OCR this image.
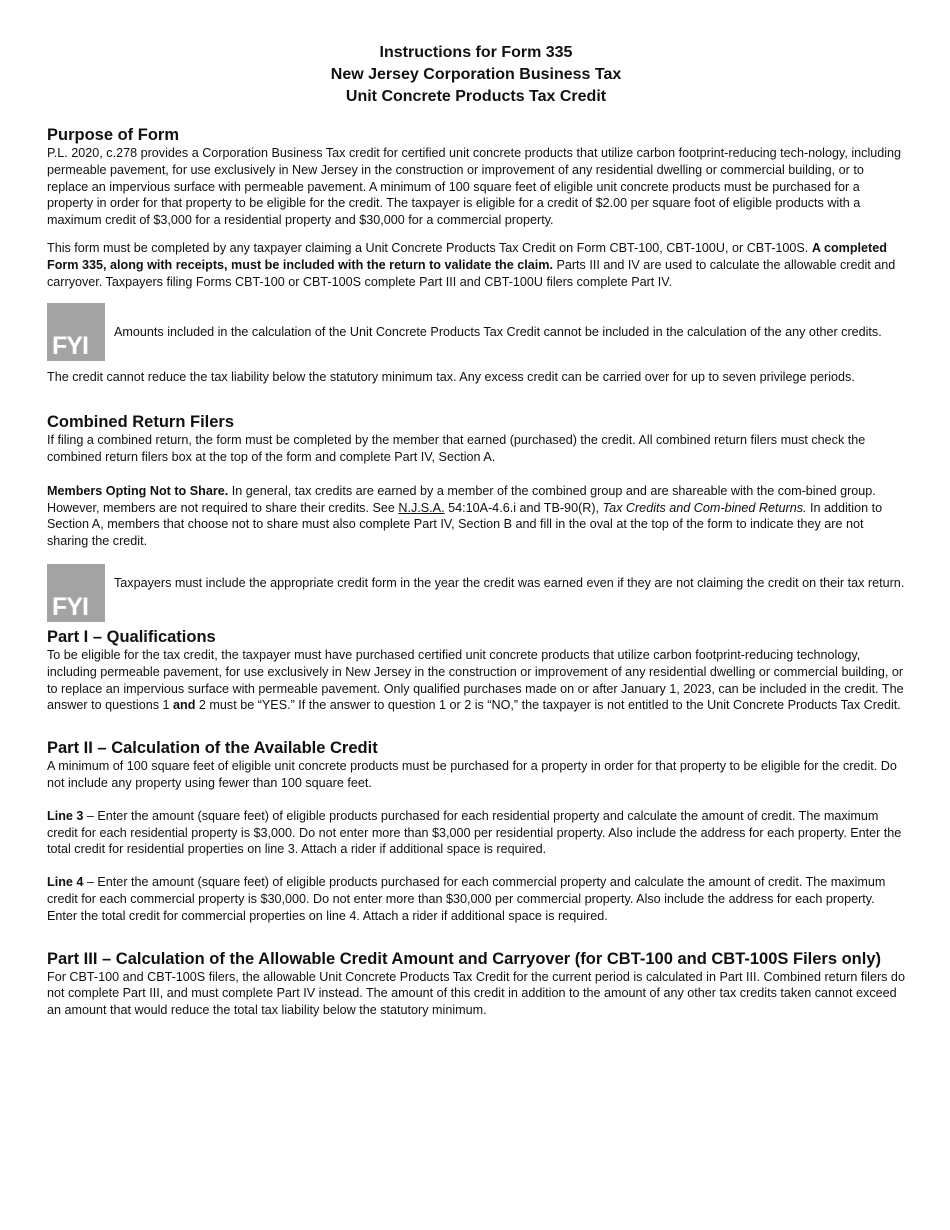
Instructions for Form 335
New Jersey Corporation Business Tax
Unit Concrete Products Tax Credit
Purpose of Form

P.L. 2020, c.278 provides a Corporation Business Tax credit for certified unit concrete products that utilize carbon footprint-reducing tech-nology, including permeable pavement, for use exclusively in New Jersey in the construction or improvement of any residential dwelling or commercial building, or to replace an impervious surface with permeable pavement. A minimum of 100 square feet of eligible unit concrete products must be purchased for a property in order for that property to be eligible for the credit. The taxpayer is eligible for a credit of $2.00 per square foot of eligible products with a maximum credit of $3,000 for a residential property and $30,000 for a commercial property.

This form must be completed by any taxpayer claiming a Unit Concrete Products Tax Credit on Form CBT-100, CBT-100U, or CBT-100S. A completed Form 335, along with receipts, must be included with the return to validate the claim. Parts III and IV are used to calculate the allowable credit and carryover. Taxpayers filing Forms CBT-100 or CBT-100S complete Part III and CBT-100U filers complete Part IV.

FYI
Amounts included in the calculation of the Unit Concrete Products Tax Credit cannot be included in the calculation of the any other credits.

The credit cannot reduce the tax liability below the statutory minimum tax. Any excess credit can be carried over for up to seven privilege periods.

Combined Return Filers

If filing a combined return, the form must be completed by the member that earned (purchased) the credit. All combined return filers must check the combined return filers box at the top of the form and complete Part IV, Section A.

Members Opting Not to Share. In general, tax credits are earned by a member of the combined group and are shareable with the com-bined group. However, members are not required to share their credits. See N.J.S.A. 54:10A-4.6.i and TB-90(R), Tax Credits and Com-bined Returns. In addition to Section A, members that choose not to share must also complete Part IV, Section B and fill in the oval at the top of the form to indicate they are not sharing the credit.

FYI
Taxpayers must include the appropriate credit form in the year the credit was earned even if they are not claiming the credit on their tax return.
Part I – Qualifications

To be eligible for the tax credit, the taxpayer must have purchased certified unit concrete products that utilize carbon footprint-reducing technology, including permeable pavement, for use exclusively in New Jersey in the construction or improvement of any residential dwelling or commercial building, or to replace an impervious surface with permeable pavement. Only qualified purchases made on or after January 1, 2023, can be included in the credit. The answer to questions 1 and 2 must be “YES.” If the answer to question 1 or 2 is “NO,” the taxpayer is not entitled to the Unit Concrete Products Tax Credit.

Part II – Calculation of the Available Credit

A minimum of 100 square feet of eligible unit concrete products must be purchased for a property in order for that property to be eligible for the credit. Do not include any property using fewer than 100 square feet.

Line 3 – Enter the amount (square feet) of eligible products purchased for each residential property and calculate the amount of credit. The maximum credit for each residential property is $3,000. Do not enter more than $3,000 per residential property. Also include the address for each property. Enter the total credit for residential properties on line 3. Attach a rider if additional space is required.

Line 4 – Enter the amount (square feet) of eligible products purchased for each commercial property and calculate the amount of credit. The maximum credit for each commercial property is $30,000. Do not enter more than $30,000 per commercial property. Also include the address for each property. Enter the total credit for commercial properties on line 4. Attach a rider if additional space is required.

Part III – Calculation of the Allowable Credit Amount and Carryover (for CBT-100 and CBT-100S Filers only)

For CBT-100 and CBT-100S filers, the allowable Unit Concrete Products Tax Credit for the current period is calculated in Part III. Combined return filers do not complete Part III, and must complete Part IV instead. The amount of this credit in addition to the amount of any other tax credits taken cannot exceed an amount that would reduce the total tax liability below the statutory minimum.
